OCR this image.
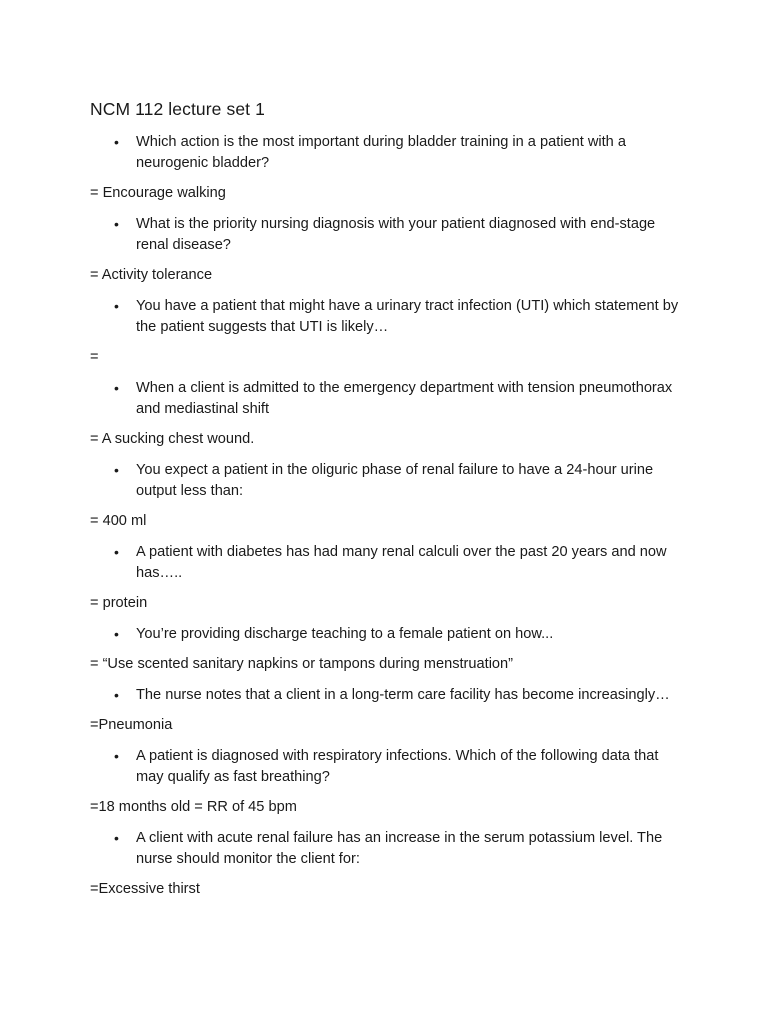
NCM 112 lecture set 1
• Which action is the most important during bladder training in a patient with a neurogenic bladder?
= Encourage walking
• What is the priority nursing diagnosis with your patient diagnosed with end-stage renal disease?
= Activity tolerance
• You have a patient that might have a urinary tract infection (UTI) which statement by the patient suggests that UTI is likely…
=
• When a client is admitted to the emergency department with tension pneumothorax and mediastinal shift
= A sucking chest wound.
• You expect a patient in the oliguric phase of renal failure to have a 24-hour urine output less than:
= 400 ml
• A patient with diabetes has had many renal calculi over the past 20 years and now has…..
= protein
• You’re providing discharge teaching to a female patient on how...
= “Use scented sanitary napkins or tampons during menstruation”
• The nurse notes that a client in a long-term care facility has become increasingly…
=Pneumonia
• A patient is diagnosed with respiratory infections. Which of the following data that may qualify as fast breathing?
=18 months old = RR of 45 bpm
• A client with acute renal failure has an increase in the serum potassium level. The nurse should monitor the client for:
=Excessive thirst
